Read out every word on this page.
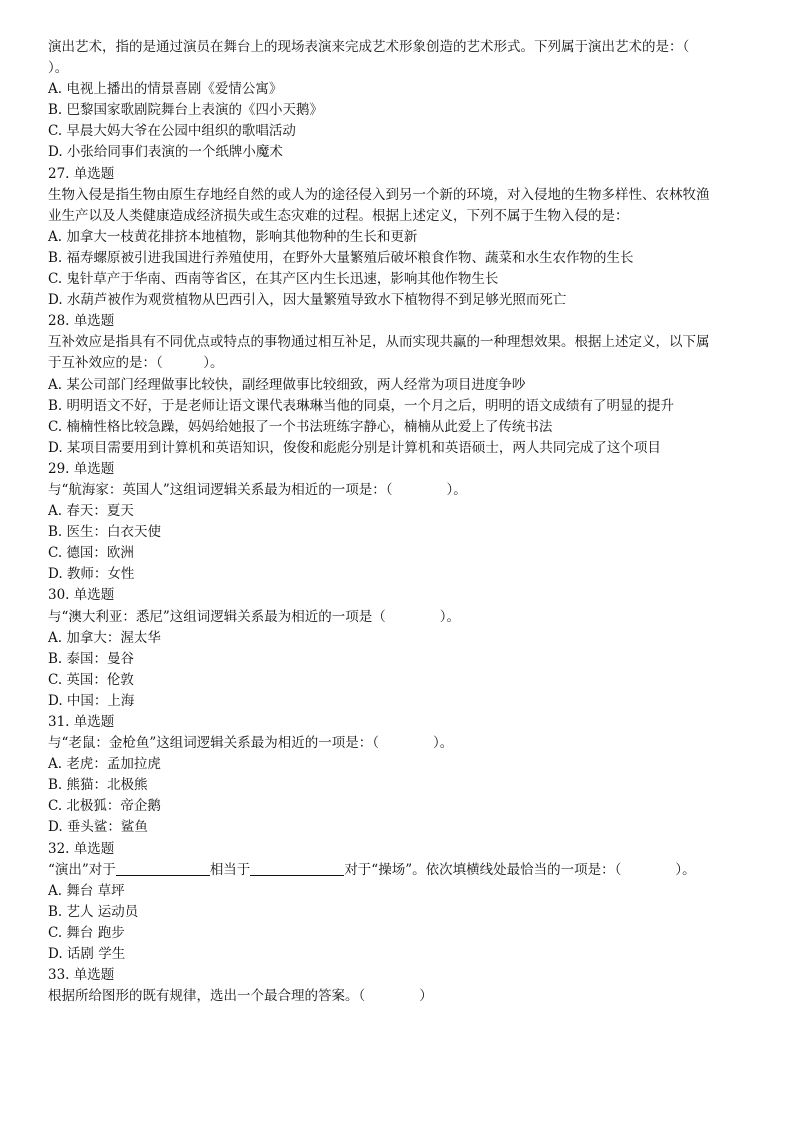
演出艺术，指的是通过演员在舞台上的现场表演来完成艺术形象创造的艺术形式。下列属于演出艺术的是：（
）。
A. 电视上播出的情景喜剧《爱情公寓》
B. 巴黎国家歌剧院舞台上表演的《四小天鹅》
C. 早晨大妈大爷在公园中组织的歌唱活动
D. 小张给同事们表演的一个纸牌小魔术
27. 单选题
生物入侵是指生物由原生存地经自然的或人为的途径侵入到另一个新的环境，对入侵地的生物多样性、农林牧渔
业生产以及人类健康造成经济损失或生态灾难的过程。根据上述定义，下列不属于生物入侵的是：
A. 加拿大一枝黄花排挤本地植物，影响其他物种的生长和更新
B. 福寿螺原被引进我国进行养殖使用，在野外大量繁殖后破坏粮食作物、蔬菜和水生农作物的生长
C. 鬼针草产于华南、西南等省区，在其产区内生长迅速，影响其他作物生长
D. 水葫芦被作为观赏植物从巴西引入，因大量繁殖导致水下植物得不到足够光照而死亡
28. 单选题
互补效应是指具有不同优点或特点的事物通过相互补足，从而实现共赢的一种理想效果。根据上述定义，以下属
于互补效应的是：（　　　）。
A. 某公司部门经理做事比较快，副经理做事比较细致，两人经常为项目进度争吵
B. 明明语文不好，于是老师让语文课代表琳琳当他的同桌，一个月之后，明明的语文成绩有了明显的提升
C. 楠楠性格比较急躁，妈妈给她报了一个书法班练字静心，楠楠从此爱上了传统书法
D. 某项目需要用到计算机和英语知识，俊俊和彪彪分别是计算机和英语硕士，两人共同完成了这个项目
29. 单选题
与“航海家：英国人”这组词逻辑关系最为相近的一项是：（　　　　）。
A. 春天：夏天
B. 医生：白衣天使
C. 德国：欧洲
D. 教师：女性
30. 单选题
与“澳大利亚：悉尼”这组词逻辑关系最为相近的一项是（　　　　）。
A. 加拿大：渥太华
B. 泰国：曼谷
C. 英国：伦敦
D. 中国：上海
31. 单选题
与“老鼠：金枪鱼”这组词逻辑关系最为相近的一项是：（　　　　）。
A. 老虎：孟加拉虎
B. 熊猫：北极熊
C. 北极狐：帝企鹅
D. 垂头鲨：鲨鱼
32. 单选题
“演出”对于	相当于	对于“操场”。依次填横线处最恰当的一项是：（　　　　）。
A. 舞台 草坪
B. 艺人 运动员
C. 舞台 跑步
D. 话剧 学生
33. 单选题
根据所给图形的既有规律，选出一个最合理的答案。（　　　　）
